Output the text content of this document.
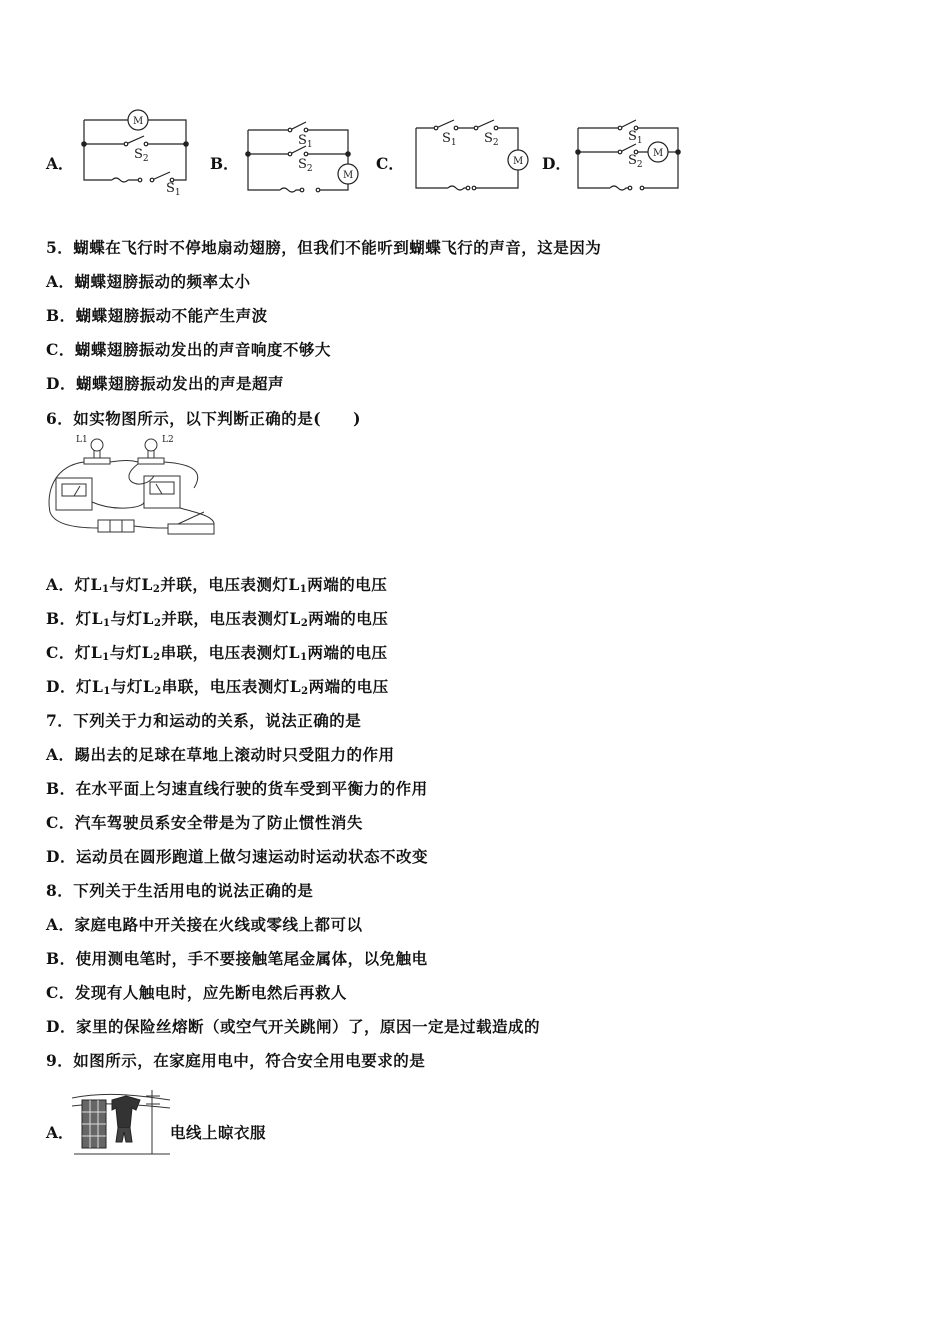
A．
M
$S_2$
$S_1$
B．
M
$S_1$
$S_2$	C．	M
$S_1$ $S_2$
D．
M
$S_1$
$S_2$
5．蝴蝶在飞行时不停地扇动翅膀，但我们不能听到蝴蝶飞行的声音，这是因为
A．蝴蝶翅膀振动的频率太小
B．蝴蝶翅膀振动不能产生声波
C．蝴蝶翅膀振动发出的声音响度不够大
D．蝴蝶翅膀振动发出的声是超声
6．如实物图所示，以下判断正确的是(　　)
L1	L2
A．灯$L_1$与灯$L_2$并联，电压表测灯$L_1$两端的电压
B．灯$L_1$与灯$L_2$并联，电压表测灯$L_2$两端的电压
C．灯$L_1$与灯$L_2$串联，电压表测灯$L_1$两端的电压
D．灯$L_1$与灯$L_2$串联，电压表测灯$L_2$两端的电压
7．下列关于力和运动的关系，说法正确的是
A．踢出去的足球在草地上滚动时只受阻力的作用
B．在水平面上匀速直线行驶的货车受到平衡力的作用
C．汽车驾驶员系安全带是为了防止惯性消失
D．运动员在圆形跑道上做匀速运动时运动状态不改变
8．下列关于生活用电的说法正确的是
A．家庭电路中开关接在火线或零线上都可以
B．使用测电笔时，手不要接触笔尾金属体，以免触电
C．发现有人触电时，应先断电然后再救人
D．家里的保险丝熔断（或空气开关跳闸）了，原因一定是过载造成的
9．如图所示，在家庭用电中，符合安全用电要求的是
A．	电线上晾衣服
